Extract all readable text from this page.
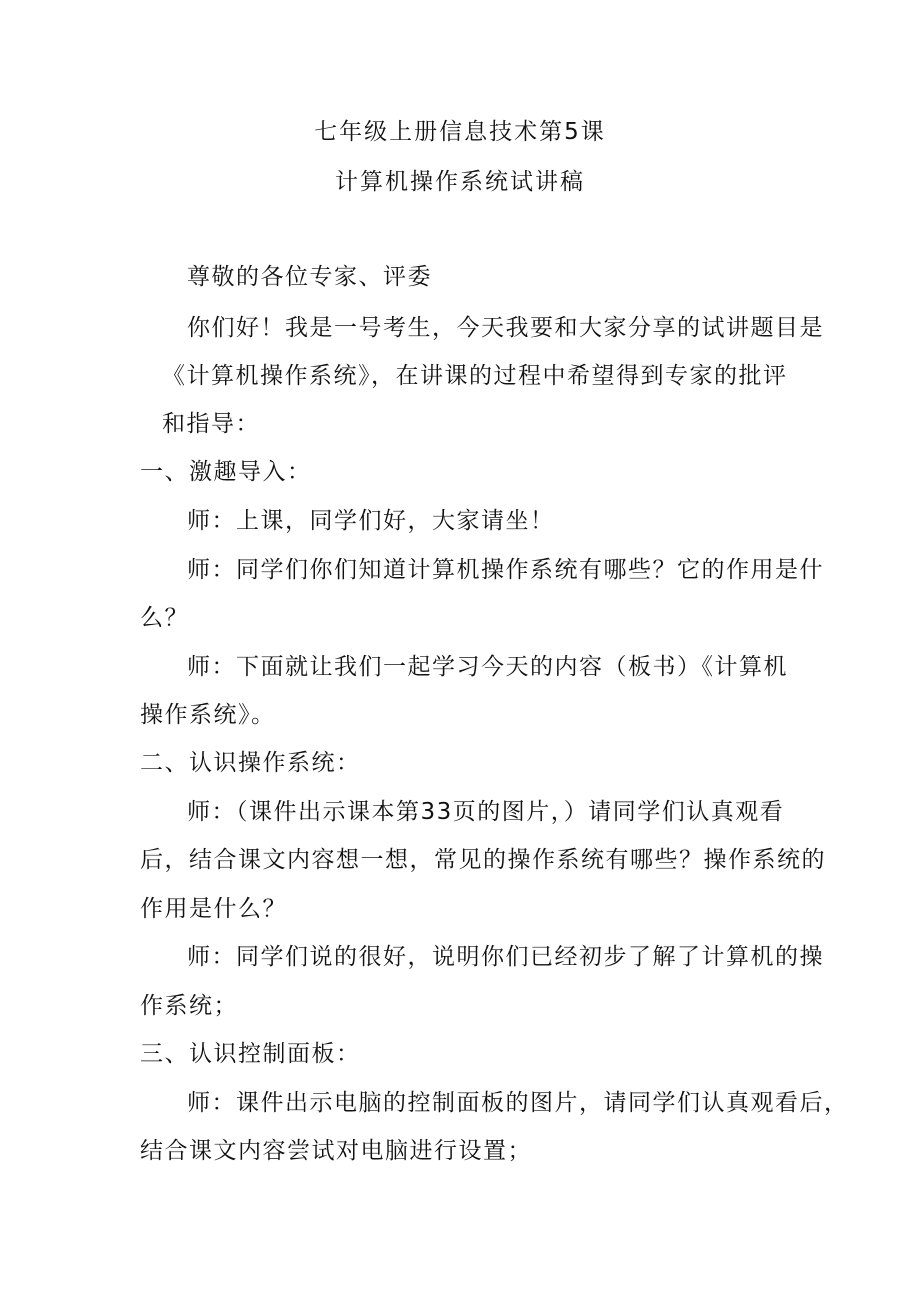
七年级上册信息技术第5课
计算机操作系统试讲稿
尊敬的各位专家、评委
你们好！我是一号考生，今天我要和大家分享的试讲题目是
《计算机操作系统》，在讲课的过程中希望得到专家的批评
和指导：
一、激趣导入：
师：上课，同学们好，大家请坐！
师：同学们你们知道计算机操作系统有哪些？它的作用是什
么？
师：下面就让我们一起学习今天的内容（板书）《计算机
操作系统》。
二、认识操作系统：
师：（课件出示课本第33页的图片，）请同学们认真观看
后，结合课文内容想一想，常见的操作系统有哪些？操作系统的
作用是什么？
师：同学们说的很好，说明你们已经初步了解了计算机的操
作系统；
三、认识控制面板：
师：课件出示电脑的控制面板的图片，请同学们认真观看后，
结合课文内容尝试对电脑进行设置；
